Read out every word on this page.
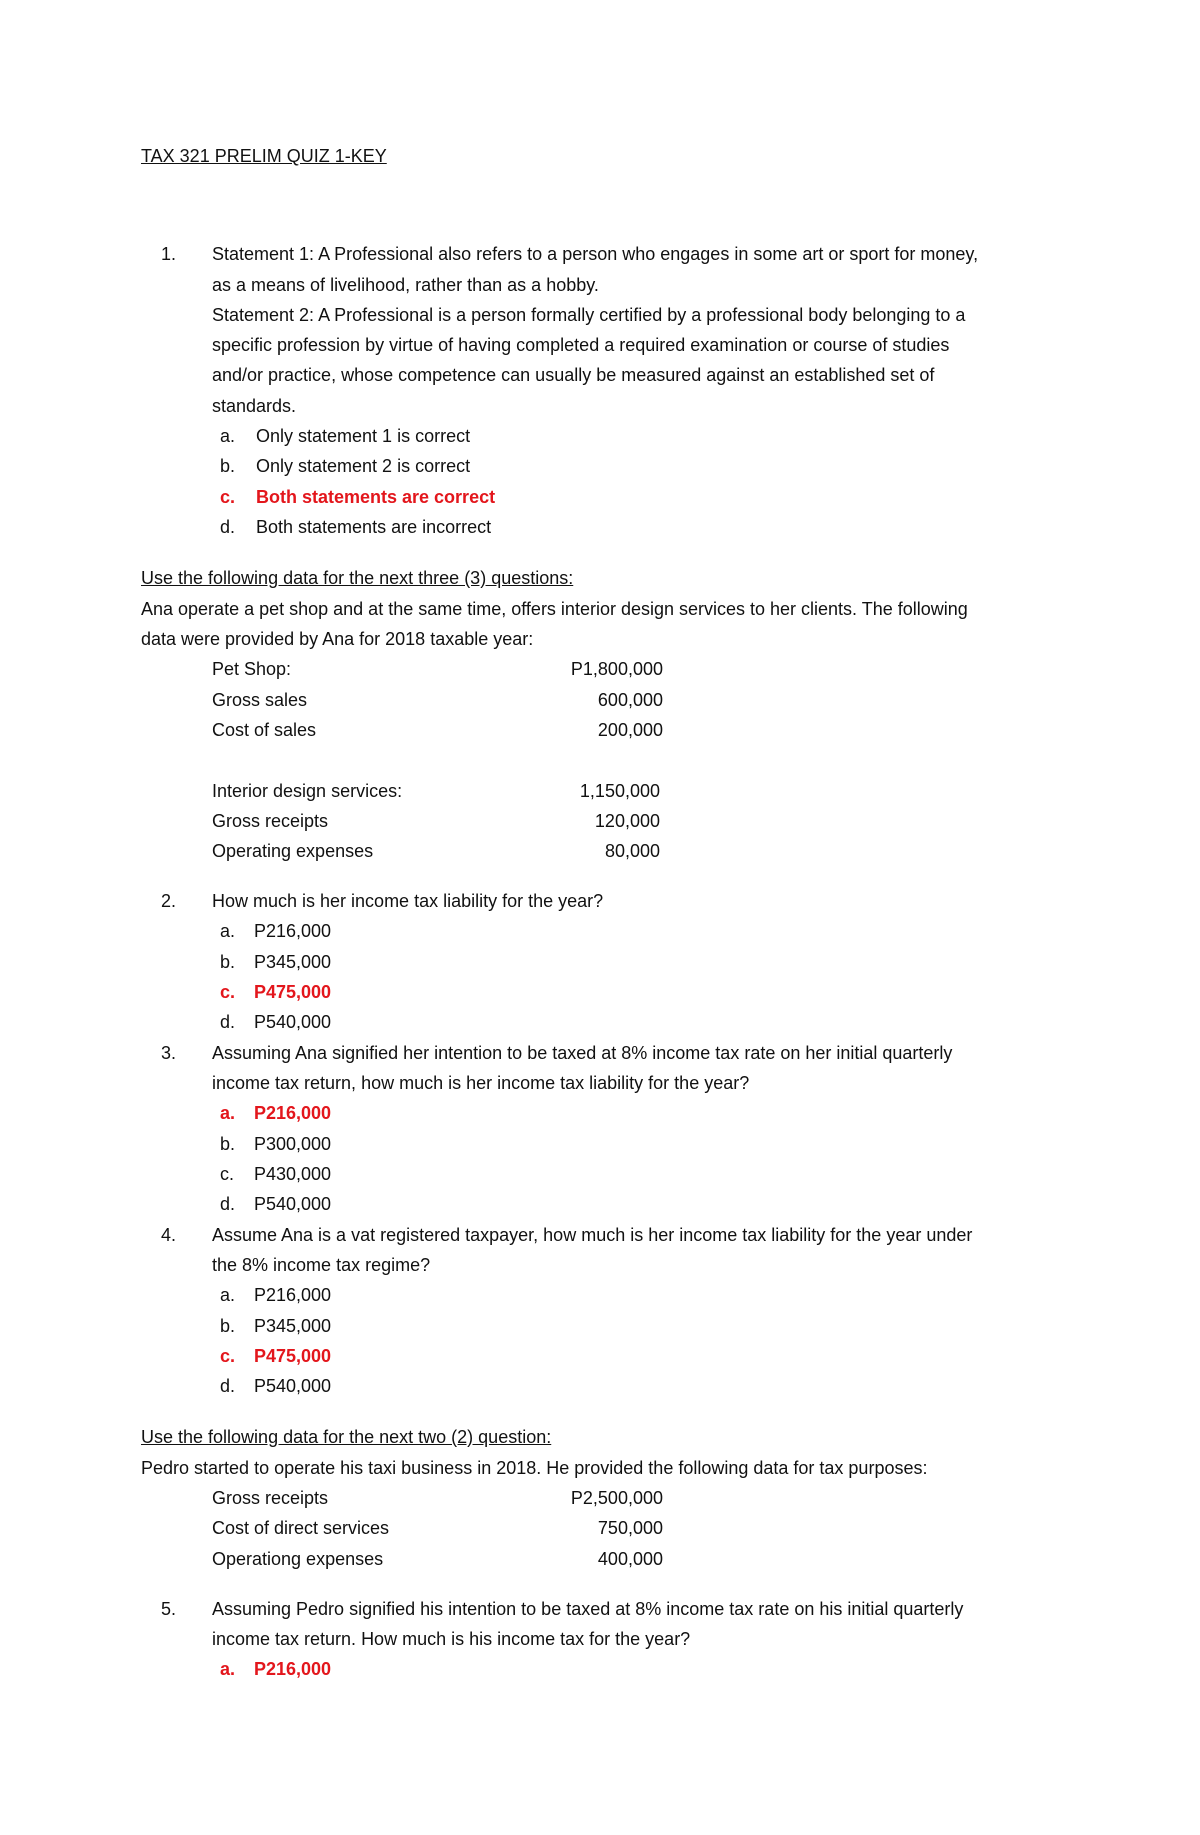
TAX 321 PRELIM QUIZ 1-KEY
1. Statement 1: A Professional also refers to a person who engages in some art or sport for money,
as a means of livelihood, rather than as a hobby.
Statement 2: A Professional is a person formally certified by a professional body belonging to a
specific profession by virtue of having completed a required examination or course of studies
and/or practice, whose competence can usually be measured against an established set of
standards.
a. Only statement 1 is correct
b. Only statement 2 is correct
c. Both statements are correct
d. Both statements are incorrect
Use the following data for the next three (3) questions:
Ana operate a pet shop and at the same time, offers interior design services to her clients. The following
data were provided by Ana for 2018 taxable year:
Pet Shop:	P1,800,000
Gross sales	600,000
Cost of sales	200,000
Interior design services:	1,150,000
Gross receipts	120,000
Operating expenses	80,000
2. How much is her income tax liability for the year?
a. P216,000
b. P345,000
c. P475,000
d. P540,000
3. Assuming Ana signified her intention to be taxed at 8% income tax rate on her initial quarterly
income tax return, how much is her income tax liability for the year?
a. P216,000
b. P300,000
c. P430,000
d. P540,000
4. Assume Ana is a vat registered taxpayer, how much is her income tax liability for the year under
the 8% income tax regime?
a. P216,000
b. P345,000
c. P475,000
d. P540,000
Use the following data for the next two (2) question:
Pedro started to operate his taxi business in 2018. He provided the following data for tax purposes:
Gross receipts	P2,500,000
Cost of direct services	750,000
Operationg expenses	400,000
5. Assuming Pedro signified his intention to be taxed at 8% income tax rate on his initial quarterly
income tax return. How much is his income tax for the year?
a. P216,000
